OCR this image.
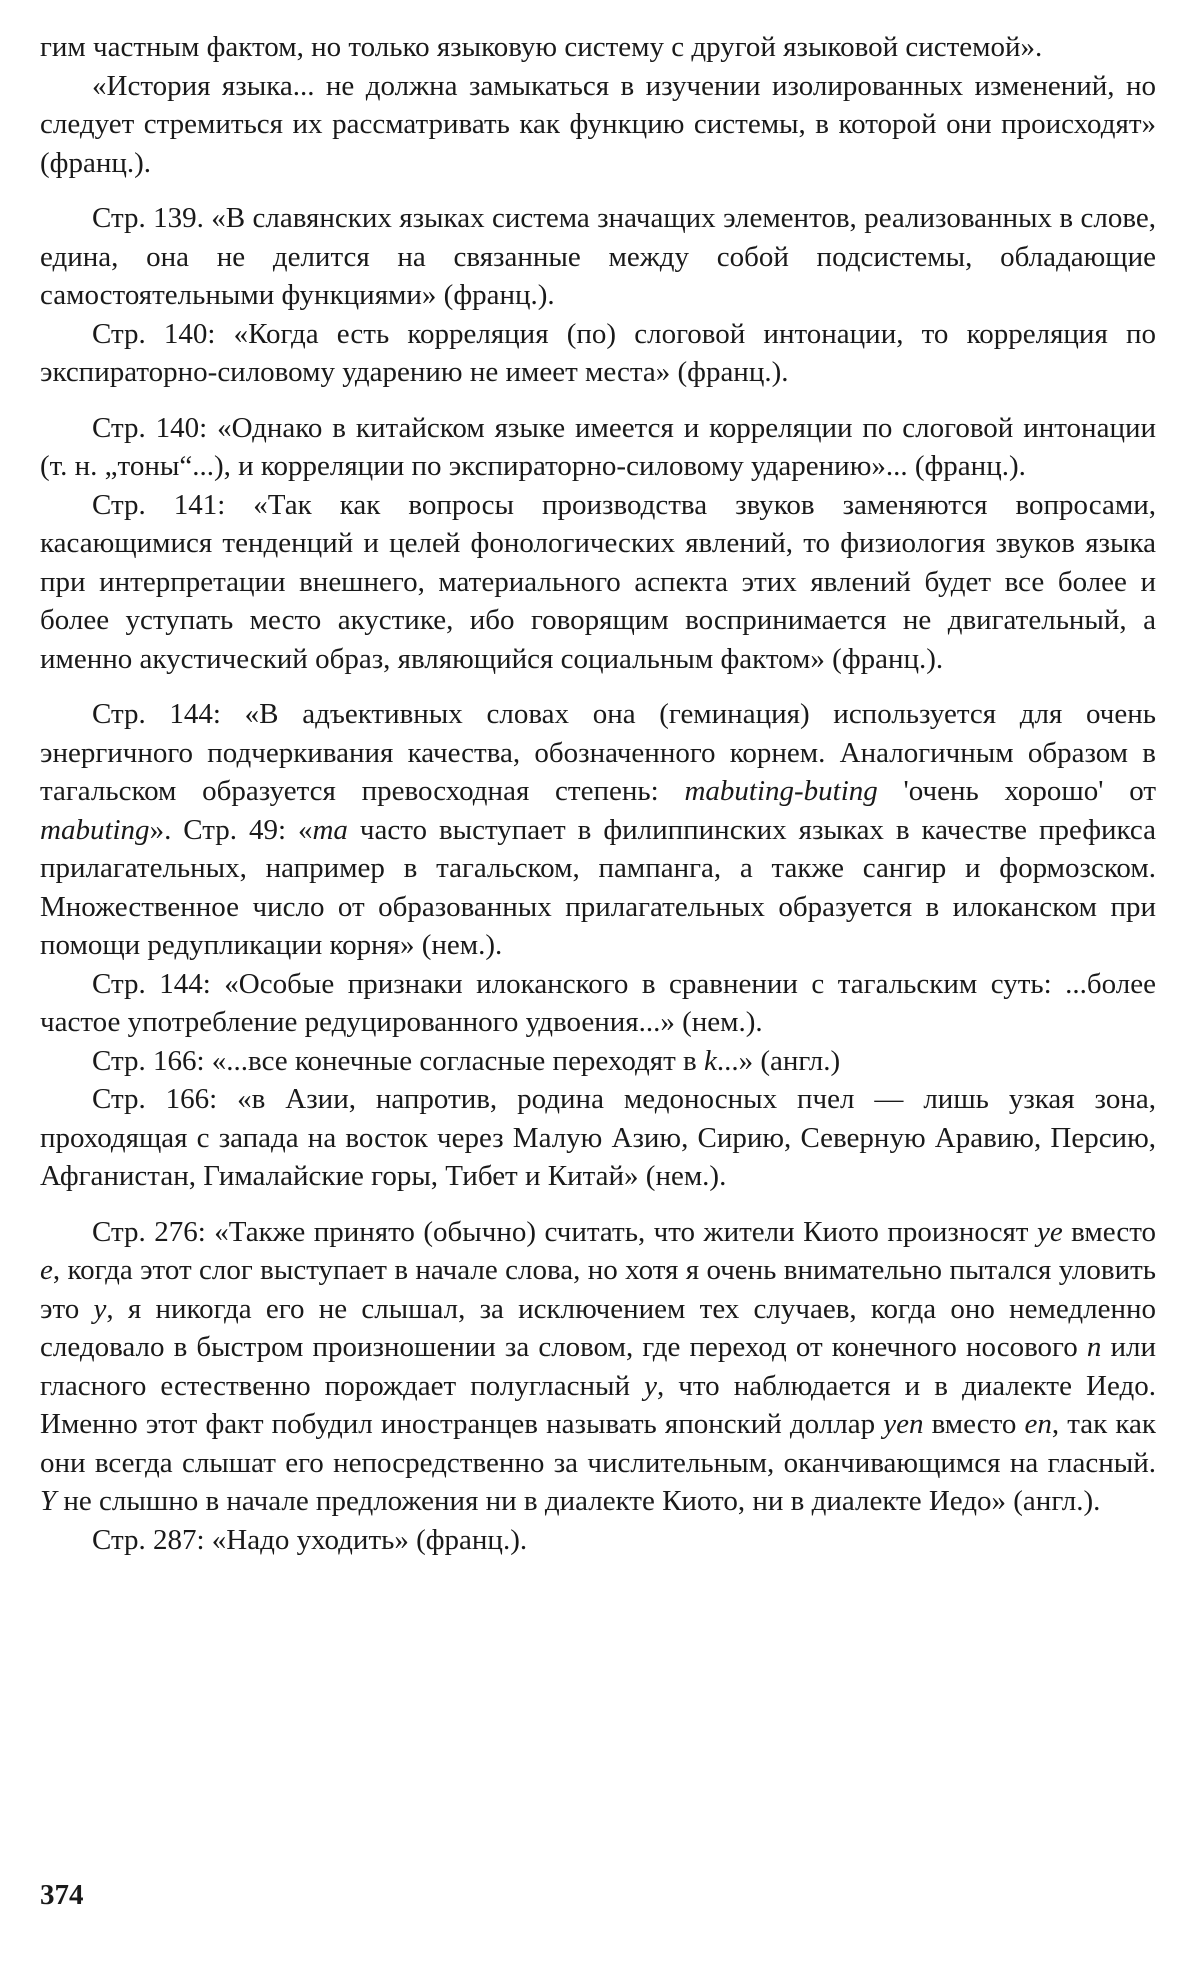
гим частным фактом, но только языковую систему с другой языковой системой».

«История языка... не должна замыкаться в изучении изолированных изменений, но следует стремиться их рассматривать как функцию системы, в которой они происходят» (франц.).

Стр. 139. «В славянских языках система значащих элементов, реализованных в слове, едина, она не делится на связанные между собой подсистемы, обладающие самостоятельными функциями» (франц.).

Стр. 140: «Когда есть корреляция (по) слоговой интонации, то корреляция по экспираторно-силовому ударению не имеет места» (франц.).

Стр. 140: «Однако в китайском языке имеется и корреляции по слоговой интонации (т. н. „тоны“...), и корреляции по экспираторно-силовому ударению»... (франц.).

Стр. 141: «Так как вопросы производства звуков заменяются вопросами, касающимися тенденций и целей фонологических явлений, то физиология звуков языка при интерпретации внешнего, материального аспекта этих явлений будет все более и более уступать место акустике, ибо говорящим воспринимается не двигательный, а именно акустический образ, являющийся социальным фактом» (франц.).

Стр. 144: «В адъективных словах она (геминация) используется для очень энергичного подчеркивания качества, обозначенного корнем. Аналогичным образом в тагальском образуется превосходная степень: mabuting-buting 'очень хорошо' от mabuting». Стр. 49: «ma часто выступает в филиппинских языках в качестве префикса прилагательных, например в тагальском, пампанга, а также сангир и формозском. Множественное число от образованных прилагательных образуется в илоканском при помощи редупликации корня» (нем.).

Стр. 144: «Особые признаки илоканского в сравнении с тагальским суть: ...более частое употребление редуцированного удвоения...» (нем.).

Стр. 166: «...все конечные согласные переходят в k...» (англ.)

Стр. 166: «в Азии, напротив, родина медоносных пчел — лишь узкая зона, проходящая с запада на восток через Малую Азию, Сирию, Северную Аравию, Персию, Афганистан, Гималайские горы, Тибет и Китай» (нем.).

Стр. 276: «Также принято (обычно) считать, что жители Киото произносят ye вместо e, когда этот слог выступает в начале слова, но хотя я очень внимательно пытался уловить это y, я никогда его не слышал, за исключением тех случаев, когда оно немедленно следовало в быстром произношении за словом, где переход от конечного носового n или гласного естественно порождает полугласный y, что наблюдается и в диалекте Иедо. Именно этот факт побудил иностранцев называть японский доллар yen вместо en, так как они всегда слышат его непосредственно за числительным, оканчивающимся на гласный. Y не слышно в начале предложения ни в диалекте Киото, ни в диалекте Иедо» (англ.).

Стр. 287: «Надо уходить» (франц.).

374
